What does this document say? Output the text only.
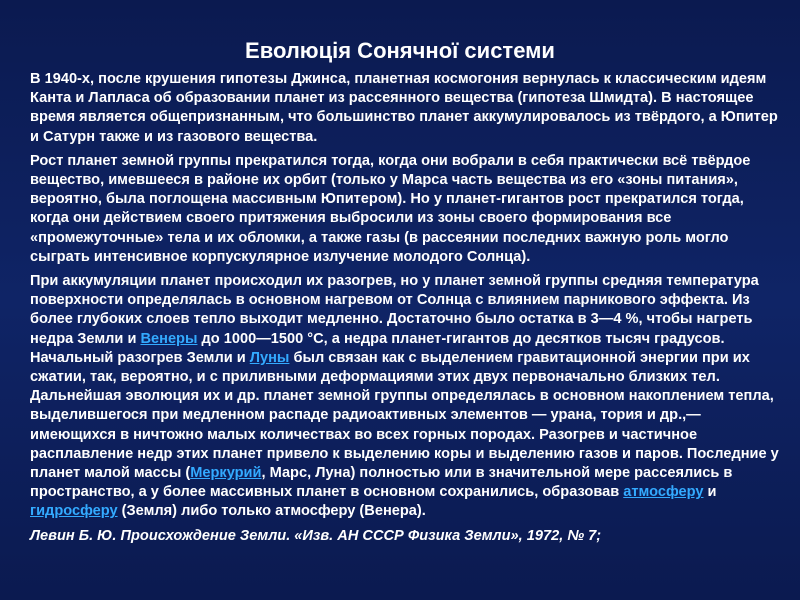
Еволюція Сонячної системи

В 1940-х, после крушения гипотезы Джинса, планетная космогония вернулась к классическим идеям Канта и Лапласа об образовании планет из рассеянного вещества (гипотеза Шмидта). В настоящее время является общепризнанным, что большинство планет аккумулировалось из твёрдого, а Юпитер и Сатурн также и из газового вещества.

Рост планет земной группы прекратился тогда, когда они вобрали в себя практически всё твёрдое вещество, имевшееся в районе их орбит (только у Марса часть вещества из его «зоны питания», вероятно, была поглощена массивным Юпитером). Но у планет-гигантов рост прекратился тогда, когда они действием своего притяжения выбросили из зоны своего формирования все «промежуточные» тела и их обломки, а также газы (в рассеянии последних важную роль могло сыграть интенсивное корпускулярное излучение молодого Солнца).

При аккумуляции планет происходил их разогрев, но у планет земной группы средняя температура поверхности определялась в основном нагревом от Солнца с влиянием парникового эффекта. Из более глубоких слоев тепло выходит медленно. Достаточно было остатка в 3—4 %, чтобы нагреть недра Земли и Венеры до 1000—1500 °С, а недра планет-гигантов до десятков тысяч градусов. Начальный разогрев Земли и Луны был связан как с выделением гравитационной энергии при их сжатии, так, вероятно, и с приливными деформациями этих двух первоначально близких тел. Дальнейшая эволюция их и др. планет земной группы определялась в основном накоплением тепла, выделившегося при медленном распаде радиоактивных элементов — урана, тория и др.,—имеющихся в ничтожно малых количествах во всех горных породах. Разогрев и частичное расплавление недр этих планет привело к выделению коры и выделению газов и паров. Последние у планет малой массы (Меркурий, Марс, Луна) полностью или в значительной мере рассеялись в пространство, а у более массивных планет в основном сохранились, образовав атмосферу и гидросферу (Земля) либо только атмосферу (Венера).

Левин Б. Ю. Происхождение Земли. «Изв. АН СССР Физика Земли», 1972, № 7;
